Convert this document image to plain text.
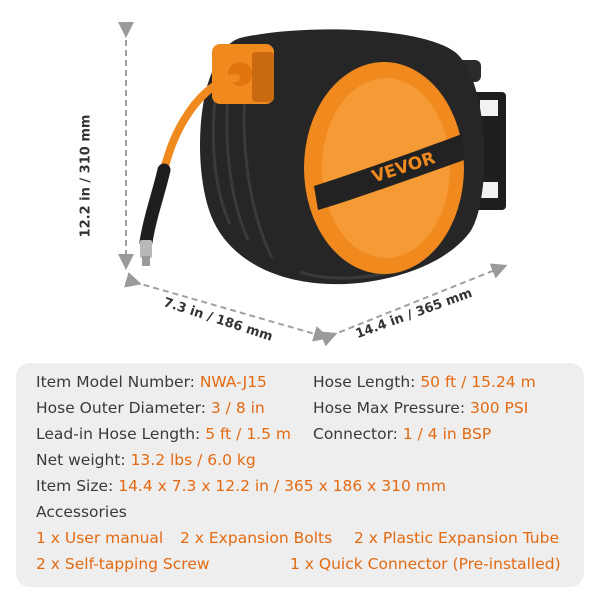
VEVOR
12.2 in / 310 mm
7.3 in / 186 mm	14.4 in / 365 mm
Item Model Number: NWA-J15	Hose Length: 50 ft / 15.24 m
Hose Outer Diameter: 3 / 8 in	Hose Max Pressure: 300 PSI
Lead-in Hose Length: 5 ft / 1.5 m Connector: 1 / 4 in BSP
Net weight: 13.2 lbs / 6.0 kg
Item Size: 14.4 x 7.3 x 12.2 in / 365 x 186 x 310 mm
Accessories
1 x User manual 2 x Expansion Bolts 2 x Plastic Expansion Tube
2 x Self-tapping Screw	1 x Quick Connector (Pre-installed)
